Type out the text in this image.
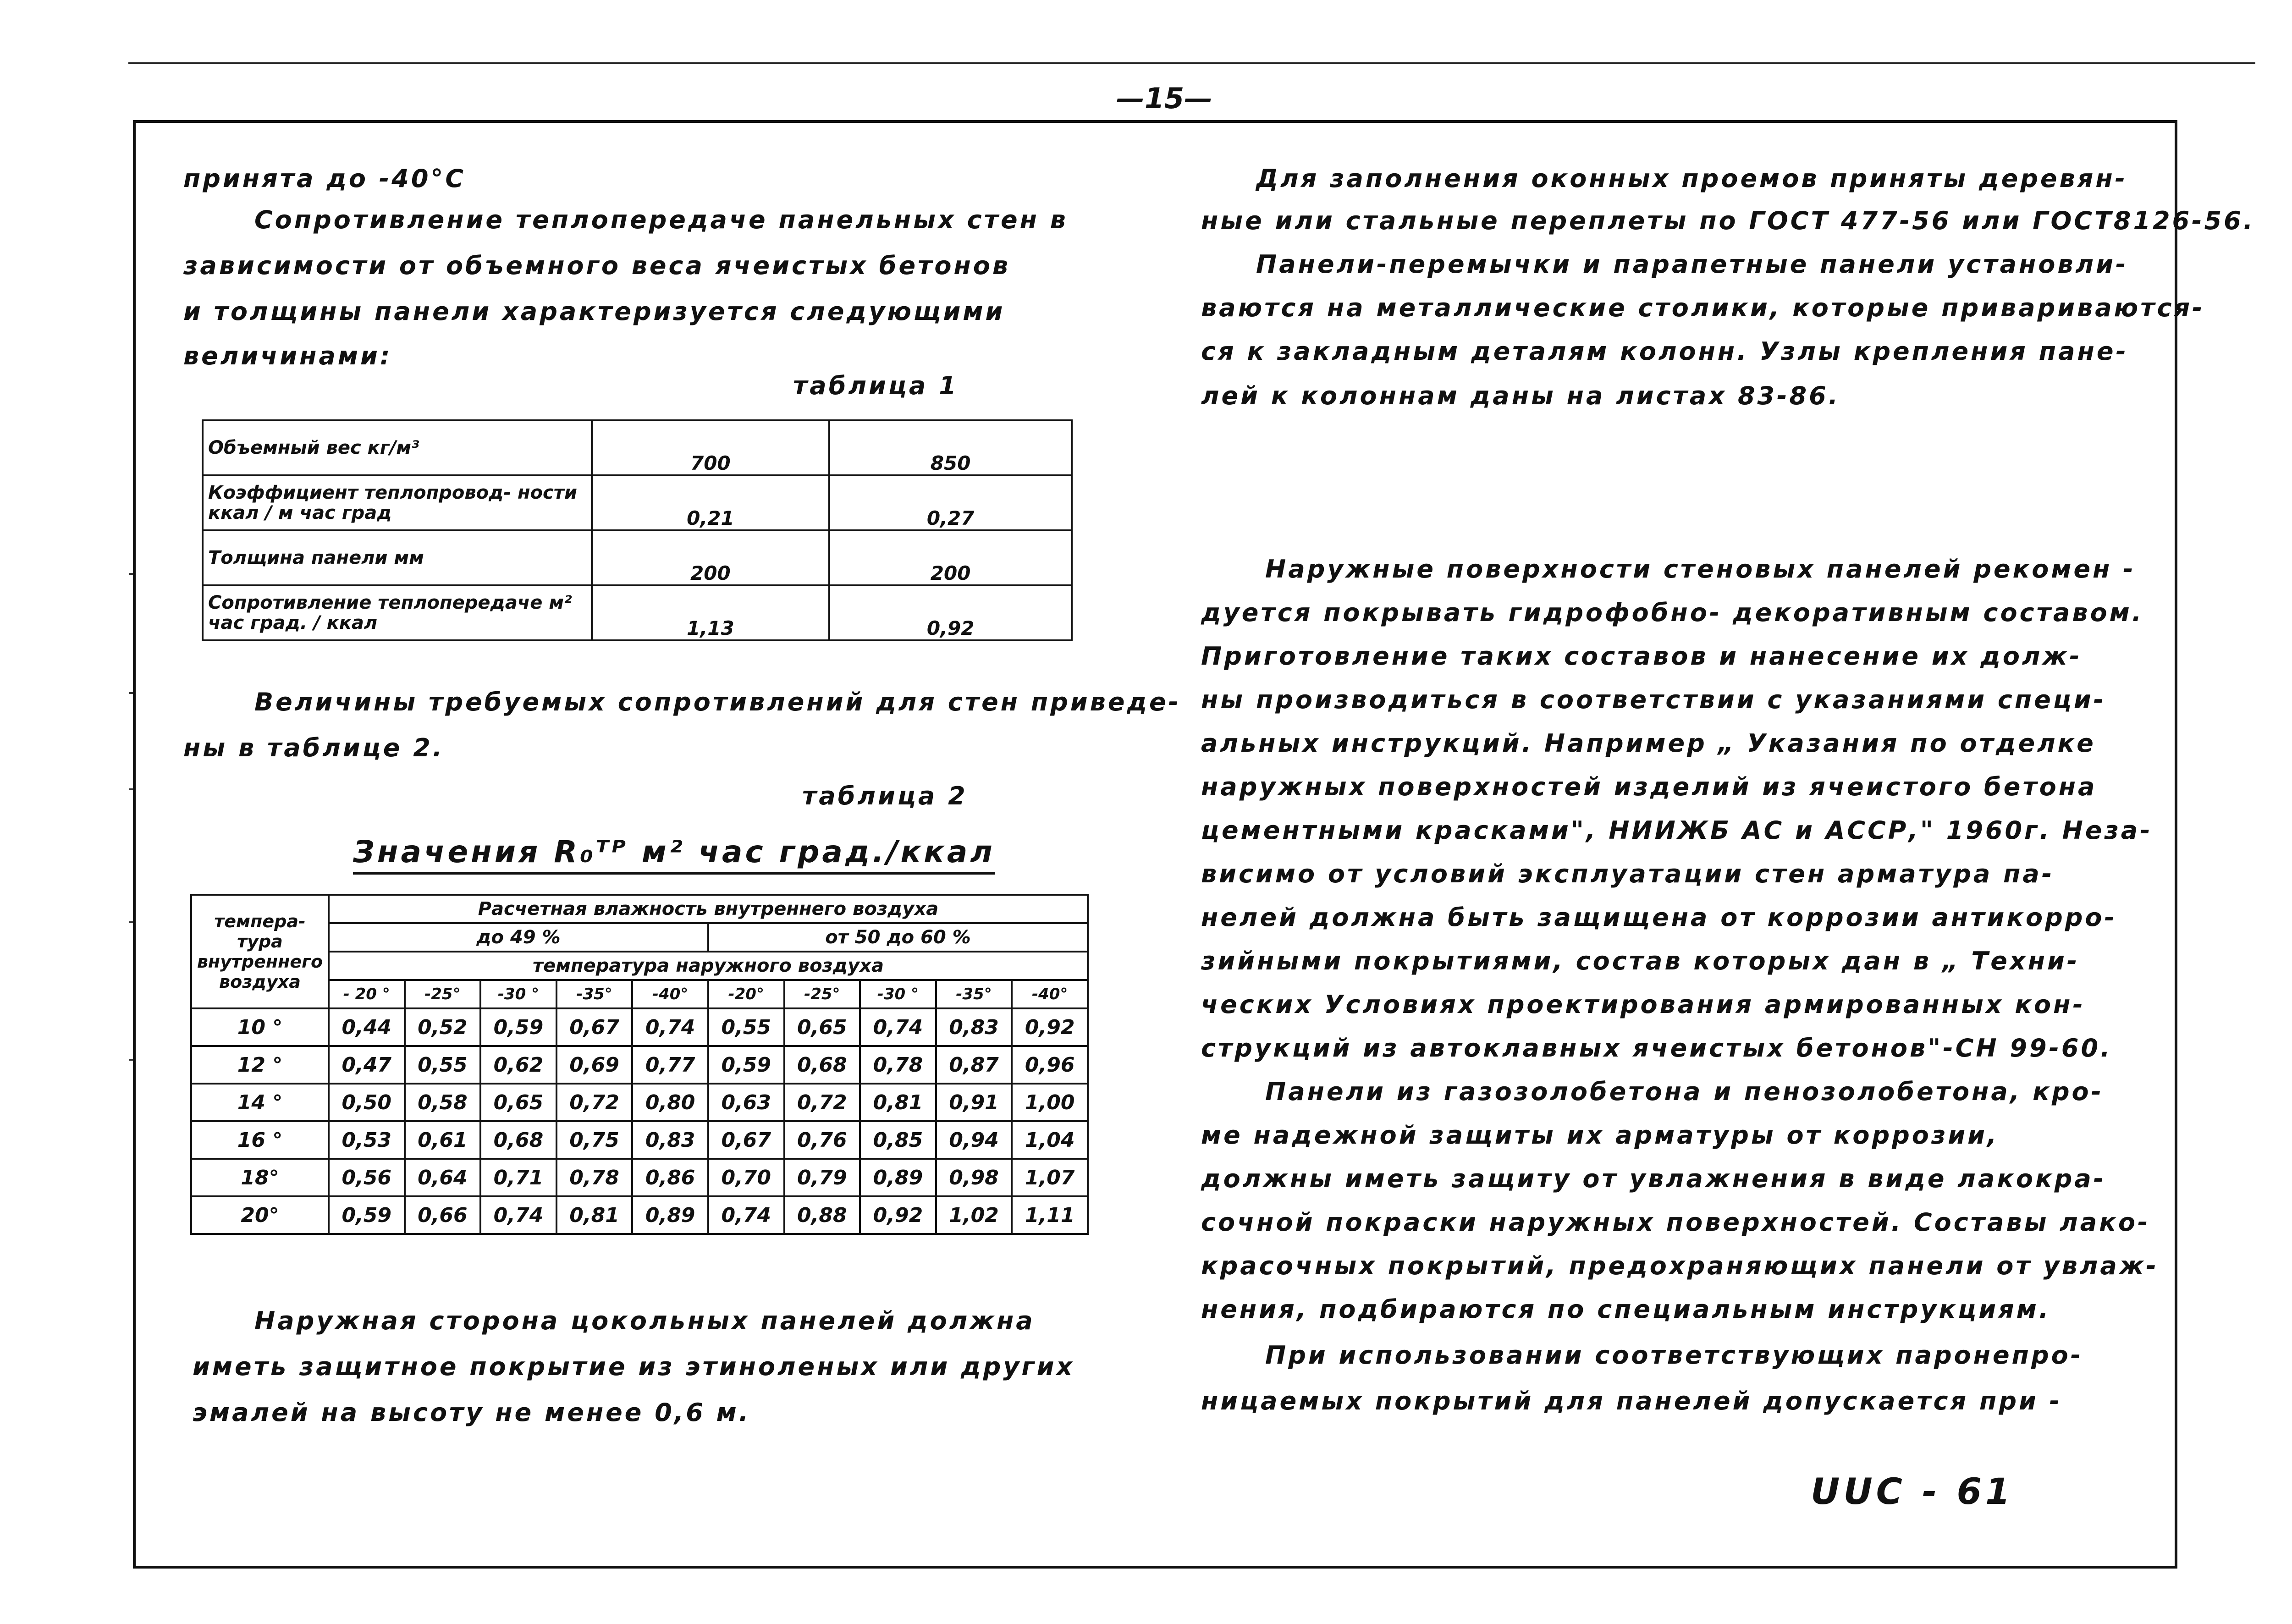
—15—
принята до -40°С
Сопротивление теплопередаче панельных стен в
зависимости от объемного веса ячеистых бетонов
и толщины панели характеризуется следующими
величинами:
таблица 1
Объемный вес кг/м³	700	850
Коэффициент теплопровод- ности ккал / м час град	0,21	0,27
Толщина панели мм	200	200
Сопротивление теплопередаче м² час град. / ккал	1,13	0,92
Величины требуемых сопротивлений для стен приведе-
ны в таблице 2.
таблица 2
Значения R₀ᵀᴾ м² час град./ккал
темпера- тура внутреннего воздуха	Расчетная влажность внутреннего воздуха									
	до 49 %					от 50 до 60 %				
	температура наружного воздуха									
	- 20 °	-25°	-30 °	-35°	-40°	-20°	-25°	-30 °	-35°	-40°
10 °	0,44	0,52	0,59	0,67	0,74	0,55	0,65	0,74	0,83	0,92
12 °	0,47	0,55	0,62	0,69	0,77	0,59	0,68	0,78	0,87	0,96
14 °	0,50	0,58	0,65	0,72	0,80	0,63	0,72	0,81	0,91	1,00
16 °	0,53	0,61	0,68	0,75	0,83	0,67	0,76	0,85	0,94	1,04
18°	0,56	0,64	0,71	0,78	0,86	0,70	0,79	0,89	0,98	1,07
20°	0,59	0,66	0,74	0,81	0,89	0,74	0,88	0,92	1,02	1,11
Наружная сторона цокольных панелей должна
иметь защитное покрытие из этиноленых или других
эмалей на высоту не менее 0,6 м.
Для заполнения оконных проемов приняты деревян-
ные или стальные переплеты по ГОСТ 477-56 или ГОСТ8126-56.
Панели-перемычки и парапетные панели установли-
ваются на металлические столики, которые привариваются-
ся к закладным деталям колонн. Узлы крепления пане-
лей к колоннам даны на листах 83-86.
Наружные поверхности стеновых панелей рекомен -
дуется покрывать гидрофобно- декоративным составом.
Приготовление таких составов и нанесение их долж-
ны производиться в соответствии с указаниями специ-
альных инструкций. Например „ Указания по отделке
наружных поверхностей изделий из ячеистого бетона
цементными красками", НИИЖБ АС и АССР," 1960г. Неза-
висимо от условий эксплуатации стен арматура па-
нелей должна быть защищена от коррозии антикорро-
зийными покрытиями, состав которых дан в „ Техни-
ческих Условиях проектирования армированных кон-
струкций из автоклавных ячеистых бетонов"-СН 99-60.
Панели из газозолобетона и пенозолобетона, кро-
ме надежной защиты их арматуры от коррозии,
должны иметь защиту от увлажнения в виде лакокра-
сочной покраски наружных поверхностей. Составы лако-
красочных покрытий, предохраняющих панели от увлаж-
нения, подбираются по специальным инструкциям.
При использовании соответствующих паронепро-
ницаемых покрытий для панелей допускается при -
UUC - 61
